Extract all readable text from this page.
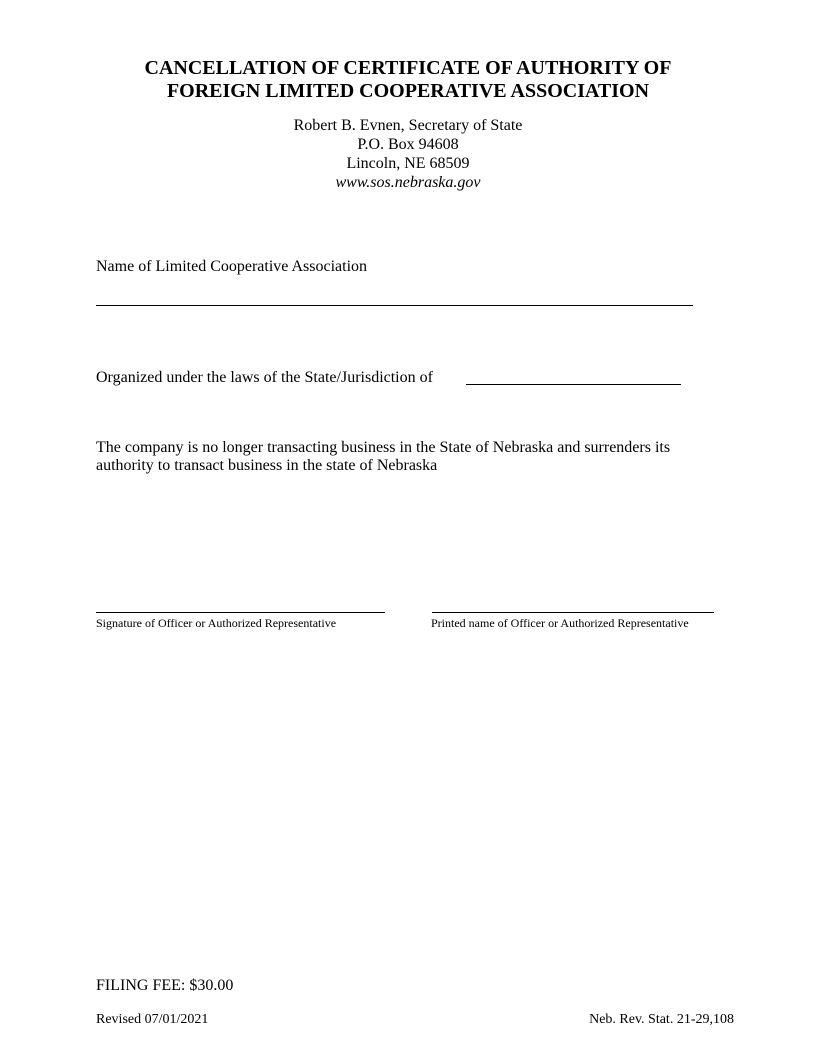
CANCELLATION OF CERTIFICATE OF AUTHORITY OF
FOREIGN LIMITED COOPERATIVE ASSOCIATION
Robert B. Evnen, Secretary of State
P.O. Box 94608
Lincoln, NE 68509
www.sos.nebraska.gov
Name of Limited Cooperative Association
Organized under the laws of the State/Jurisdiction of
The company is no longer transacting business in the State of Nebraska and surrenders its
authority to transact business in the state of Nebraska
Signature of Officer or Authorized Representative	Printed name of Officer or Authorized Representative
FILING FEE: $30.00
Revised 07/01/2021	Neb. Rev. Stat. 21-29,108
